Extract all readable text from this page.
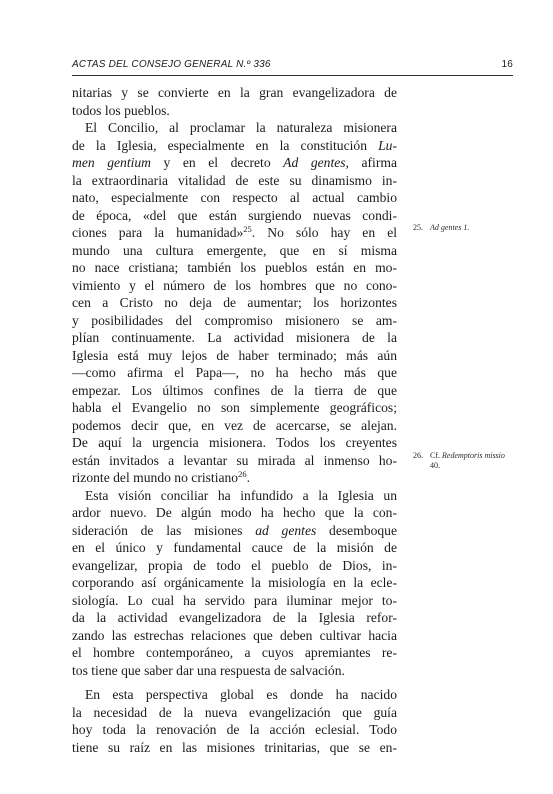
ACTAS DEL CONSEJO GENERAL N.º 336	16
nitarias y se convierte en la gran evangelizadora de
todos los pueblos.
El Concilio, al proclamar la naturaleza misionera
de la Iglesia, especialmente en la constitución Lu-
men gentium y en el decreto Ad gentes, afirma
la extraordinaria vitalidad de este su dinamismo in-
nato, especialmente con respecto al actual cambio
de época, «del que están surgiendo nuevas condi-
ciones para la humanidad»$^{25}$. No sólo hay en el
mundo una cultura emergente, que en sí misma
no nace cristiana; también los pueblos están en mo-
vimiento y el número de los hombres que no cono-
cen a Cristo no deja de aumentar; los horizontes
y posibilidades del compromiso misionero se am-
plían continuamente. La actividad misionera de la
Iglesia está muy lejos de haber terminado; más aún
—como afirma el Papa—, no ha hecho más que
empezar. Los últimos confines de la tierra de que
habla el Evangelio no son simplemente geográficos;
podemos decir que, en vez de acercarse, se alejan.
De aquí la urgencia misionera. Todos los creyentes
están invitados a levantar su mirada al inmenso ho-
rizonte del mundo no cristiano$^{26}$.
Esta visión conciliar ha infundido a la Iglesia un
ardor nuevo. De algún modo ha hecho que la con-
sideración de las misiones ad gentes desemboque
en el único y fundamental cauce de la misión de
evangelizar, propia de todo el pueblo de Dios, in-
corporando así orgánicamente la misiología en la ecle-
siología. Lo cual ha servido para iluminar mejor to-
da la actividad evangelizadora de la Iglesia refor-
zando las estrechas relaciones que deben cultivar hacia
el hombre contemporáneo, a cuyos apremiantes re-
tos tiene que saber dar una respuesta de salvación.
En esta perspectiva global es donde ha nacido
la necesidad de la nueva evangelización que guía
hoy toda la renovación de la acción eclesial. Todo
tiene su raíz en las misiones trinitarias, que se en-
25. Ad gentes 1.
26. Cf. Redemptoris missio
40.
